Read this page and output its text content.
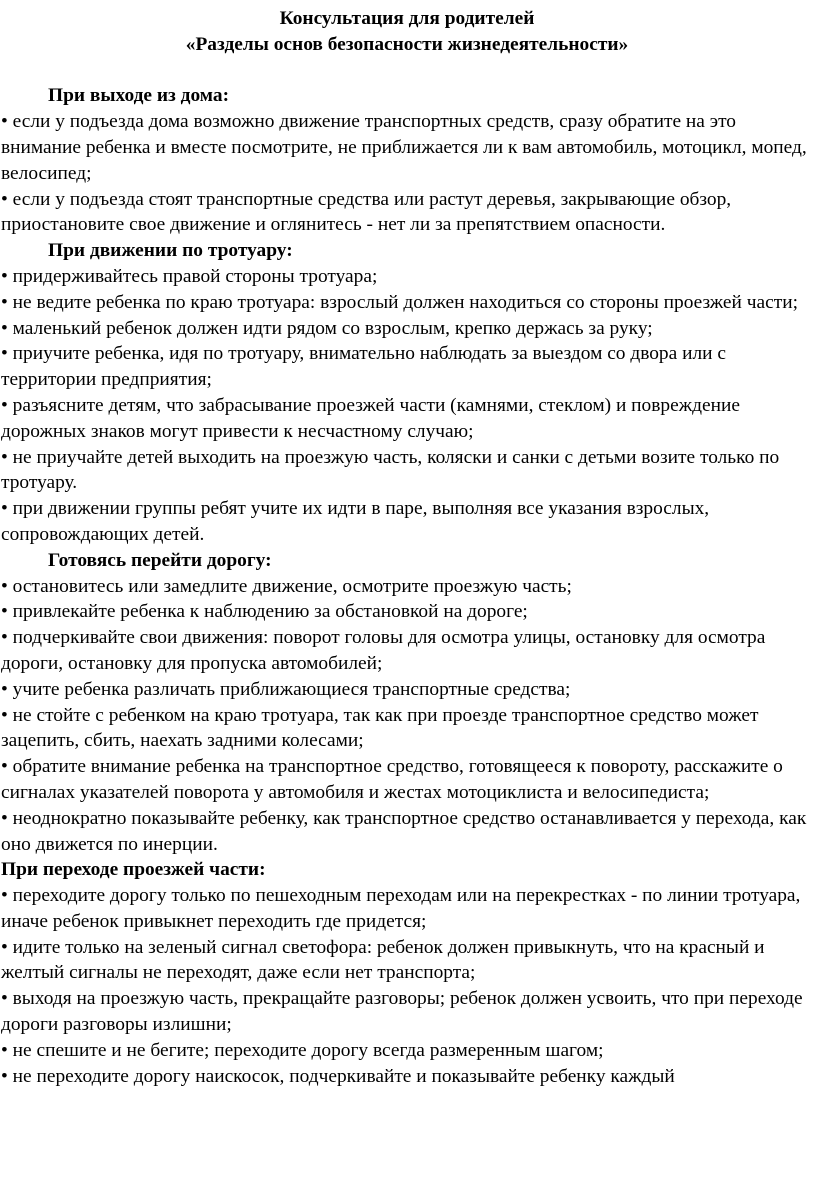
Консультация для родителей

«Разделы основ безопасности жизнедеятельности»

При выходе из дома:

• если у подъезда дома возможно движение транспортных средств, сразу обратите на это внимание ребенка и вместе посмотрите, не приближается ли к вам автомобиль, мотоцикл, мопед, велосипед;

• если у подъезда стоят транспортные средства или растут деревья, закрывающие обзор, приостановите свое движение и оглянитесь - нет ли за препятствием опасности.

При движении по тротуару:

• придерживайтесь правой стороны тротуара;

• не ведите ребенка по краю тротуара: взрослый должен находиться со стороны проезжей части;

• маленький ребенок должен идти рядом со взрослым, крепко держась за руку;

• приучите ребенка, идя по тротуару, внимательно наблюдать за выездом со двора или с территории предприятия;

• разъясните детям, что забрасывание проезжей части (камнями, стеклом) и повреждение дорожных знаков могут привести к несчастному случаю;

• не приучайте детей выходить на проезжую часть, коляски и санки с детьми возите только по тротуару.

• при движении группы ребят учите их идти в паре, выполняя все указания взрослых, сопровождающих детей.

Готовясь перейти дорогу:

• остановитесь или замедлите движение, осмотрите проезжую часть;

• привлекайте ребенка к наблюдению за обстановкой на дороге;

• подчеркивайте свои движения: поворот головы для осмотра улицы, остановку для осмотра дороги, остановку для пропуска автомобилей;

• учите ребенка различать приближающиеся транспортные средства;

• не стойте с ребенком на краю тротуара, так как при проезде транспортное средство может зацепить, сбить, наехать задними колесами;

• обратите внимание ребенка на транспортное средство, готовящееся к повороту, расскажите о сигналах указателей поворота у автомобиля и жестах мотоциклиста и велосипедиста;

• неоднократно показывайте ребенку, как транспортное средство останавливается у перехода, как оно движется по инерции.

При переходе проезжей части:

• переходите дорогу только по пешеходным переходам или на перекрестках - по линии тротуара, иначе ребенок привыкнет переходить где придется;

• идите только на зеленый сигнал светофора: ребенок должен привыкнуть, что на красный и желтый сигналы не переходят, даже если нет транспорта;

• выходя на проезжую часть, прекращайте разговоры; ребенок должен усвоить, что при переходе дороги разговоры излишни;

• не спешите и не бегите; переходите дорогу всегда размеренным шагом;

• не переходите дорогу наискосок, подчеркивайте и показывайте ребенку каждый
